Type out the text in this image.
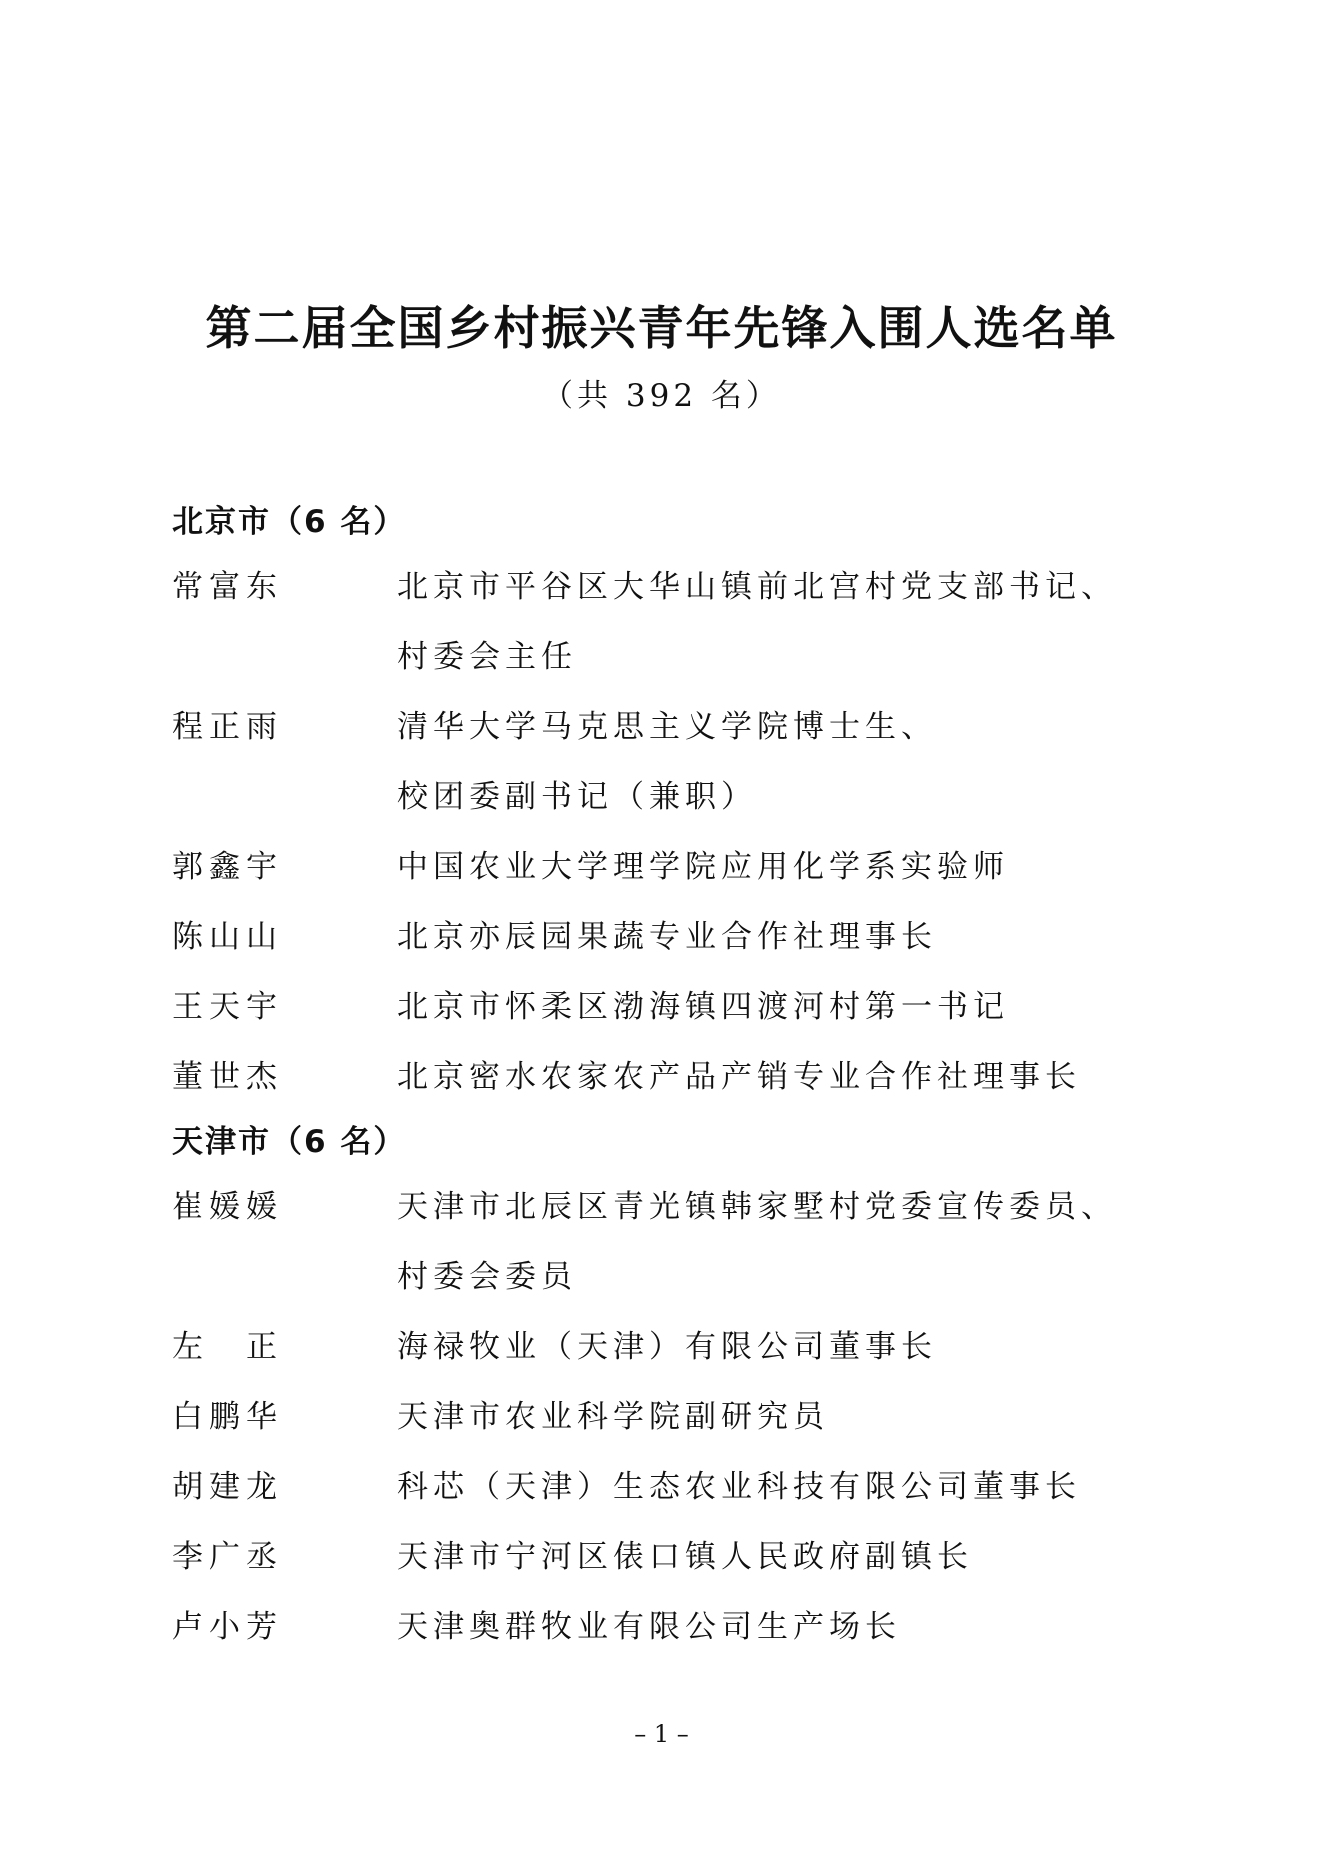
第二届全国乡村振兴青年先锋入围人选名单
（共 392 名）
北京市（6 名）
常富东	北京市平谷区大华山镇前北宫村党支部书记、
村委会主任
程正雨	清华大学马克思主义学院博士生、
校团委副书记（兼职）
郭鑫宇	中国农业大学理学院应用化学系实验师
陈山山	北京亦辰园果蔬专业合作社理事长
王天宇	北京市怀柔区渤海镇四渡河村第一书记
董世杰	北京密水农家农产品产销专业合作社理事长
天津市（6 名）
崔媛媛	天津市北辰区青光镇韩家墅村党委宣传委员、
村委会委员
左　正	海禄牧业（天津）有限公司董事长
白鹏华	天津市农业科学院副研究员
胡建龙	科芯（天津）生态农业科技有限公司董事长
李广丞	天津市宁河区俵口镇人民政府副镇长
卢小芳	天津奥群牧业有限公司生产场长
– 1 –
